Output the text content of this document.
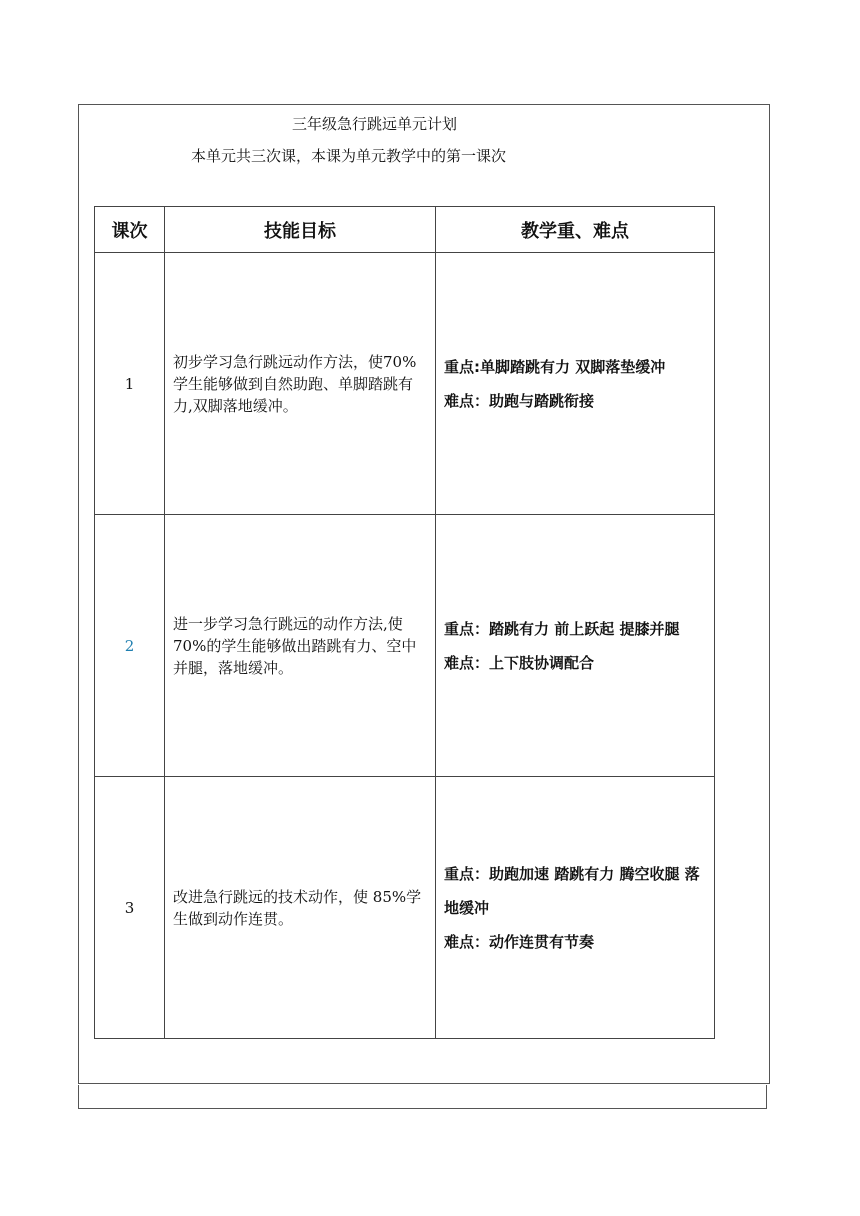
三年级急行跳远单元计划
本单元共三次课，本课为单元教学中的第一课次
课次	技能目标	教学重、难点
1	初步学习急行跳远动作方法，使70%学生能够做到自然助跑、单脚踏跳有力,双脚落地缓冲。	重点:单脚踏跳有力 双脚落垫缓冲
难点：助跑与踏跳衔接

2	进一步学习急行跳远的动作方法,使 70%的学生能够做出踏跳有力、空中并腿，落地缓冲。	重点：踏跳有力 前上跃起 提膝并腿
难点：上下肢协调配合

3	改进急行跳远的技术动作，使 85%学生做到动作连贯。	重点：助跑加速 踏跳有力 腾空收腿 落地缓冲
难点：动作连贯有节奏
